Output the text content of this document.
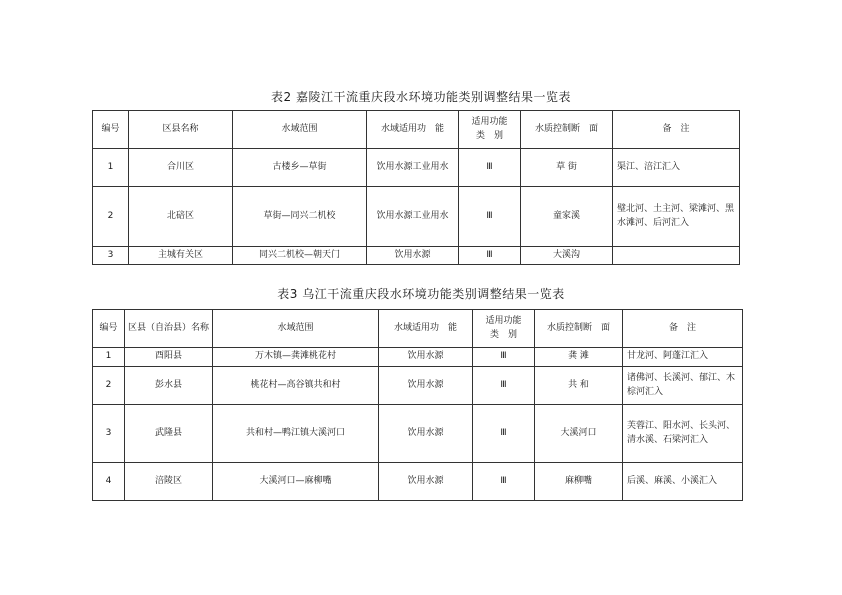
表2 嘉陵江干流重庆段水环境功能类别调整结果一览表
编号	区县名称	水域范围	水域适用功　能	适用功能
类　别	水质控制断　面	备　注
1	合川区	古楼乡—草街	饮用水源工业用水	Ⅲ	草 街	渠江、涪江汇入
2	北碚区	草街—同兴二机校	饮用水源工业用水	Ⅲ	童家溪	璧北河、土主河、梁滩河、黑水滩河、后河汇入
3	主城有关区	同兴二机校—朝天门	饮用水源	Ⅲ	大溪沟	
表3 乌江干流重庆段水环境功能类别调整结果一览表
编号	区县（自治县）名称	水域范围	水域适用功　能	适用功能
类　别	水质控制断　面	备　注
1	酉阳县	万木镇—龚滩桃花村	饮用水源	Ⅲ	龚 滩	甘龙河、阿蓬江汇入
2	彭水县	桃花村—高谷镇共和村	饮用水源	Ⅲ	共 和	诸佛河、长溪河、郁江、木棕河汇入
3	武隆县	共和村—鸭江镇大溪河口	饮用水源	Ⅲ	大溪河口	芙蓉江、阳水河、长头河、清水溪、石梁河汇入
4	涪陵区	大溪河口—麻柳嘴	饮用水源	Ⅲ	麻柳嘴	后溪、麻溪、小溪汇入
